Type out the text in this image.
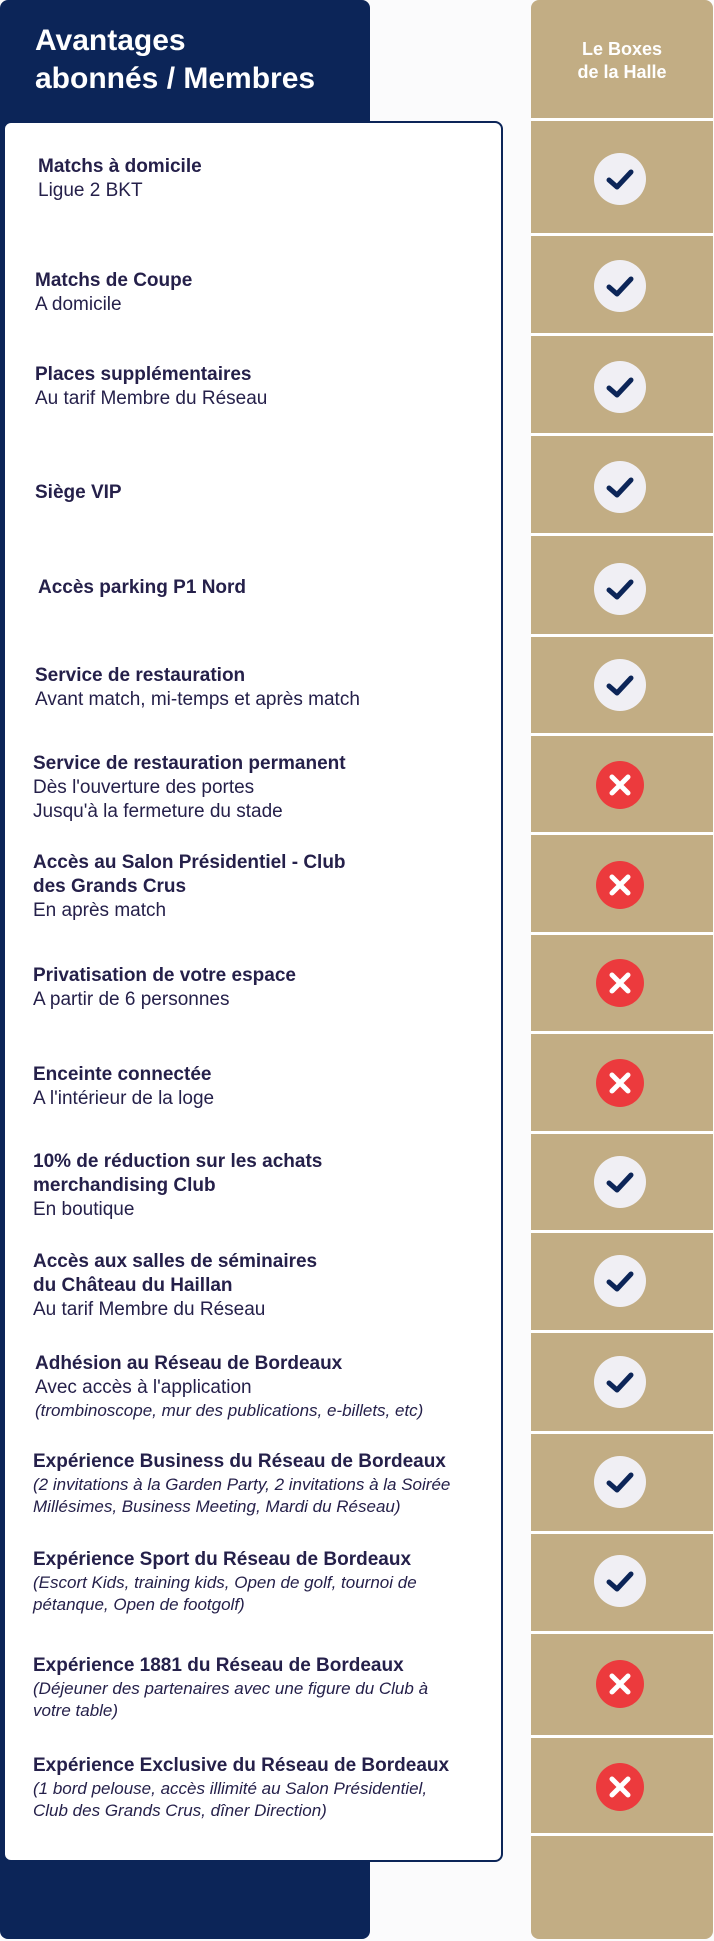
Avantages
abonnés / Membres
Le Boxes
de la Halle
Matchs à domicile
Ligue 2 BKT
Matchs de Coupe
A domicile
Places supplémentaires
Au tarif Membre du Réseau
Siège VIP
Accès parking P1 Nord
Service de restauration
Avant match, mi-temps et après match
Service de restauration permanent
Dès l'ouverture des portes
Jusqu'à la fermeture du stade
Accès au Salon Présidentiel - Club
des Grands Crus
En après match
Privatisation de votre espace
A partir de 6 personnes
Enceinte connectée
A l'intérieur de la loge
10% de réduction sur les achats
merchandising Club
En boutique
Accès aux salles de séminaires
du Château du Haillan
Au tarif Membre du Réseau
Adhésion au Réseau de Bordeaux
Avec accès à l'application
(trombinoscope, mur des publications, e-billets, etc)
Expérience Business du Réseau de Bordeaux
(2 invitations à la Garden Party, 2 invitations à la Soirée
Millésimes, Business Meeting, Mardi du Réseau)
Expérience Sport du Réseau de Bordeaux
(Escort Kids, training kids, Open de golf, tournoi de
pétanque, Open de footgolf)
Expérience 1881 du Réseau de Bordeaux
(Déjeuner des partenaires avec une figure du Club à
votre table)
Expérience Exclusive du Réseau de Bordeaux
(1 bord pelouse, accès illimité au Salon Présidentiel,
Club des Grands Crus, dîner Direction)
